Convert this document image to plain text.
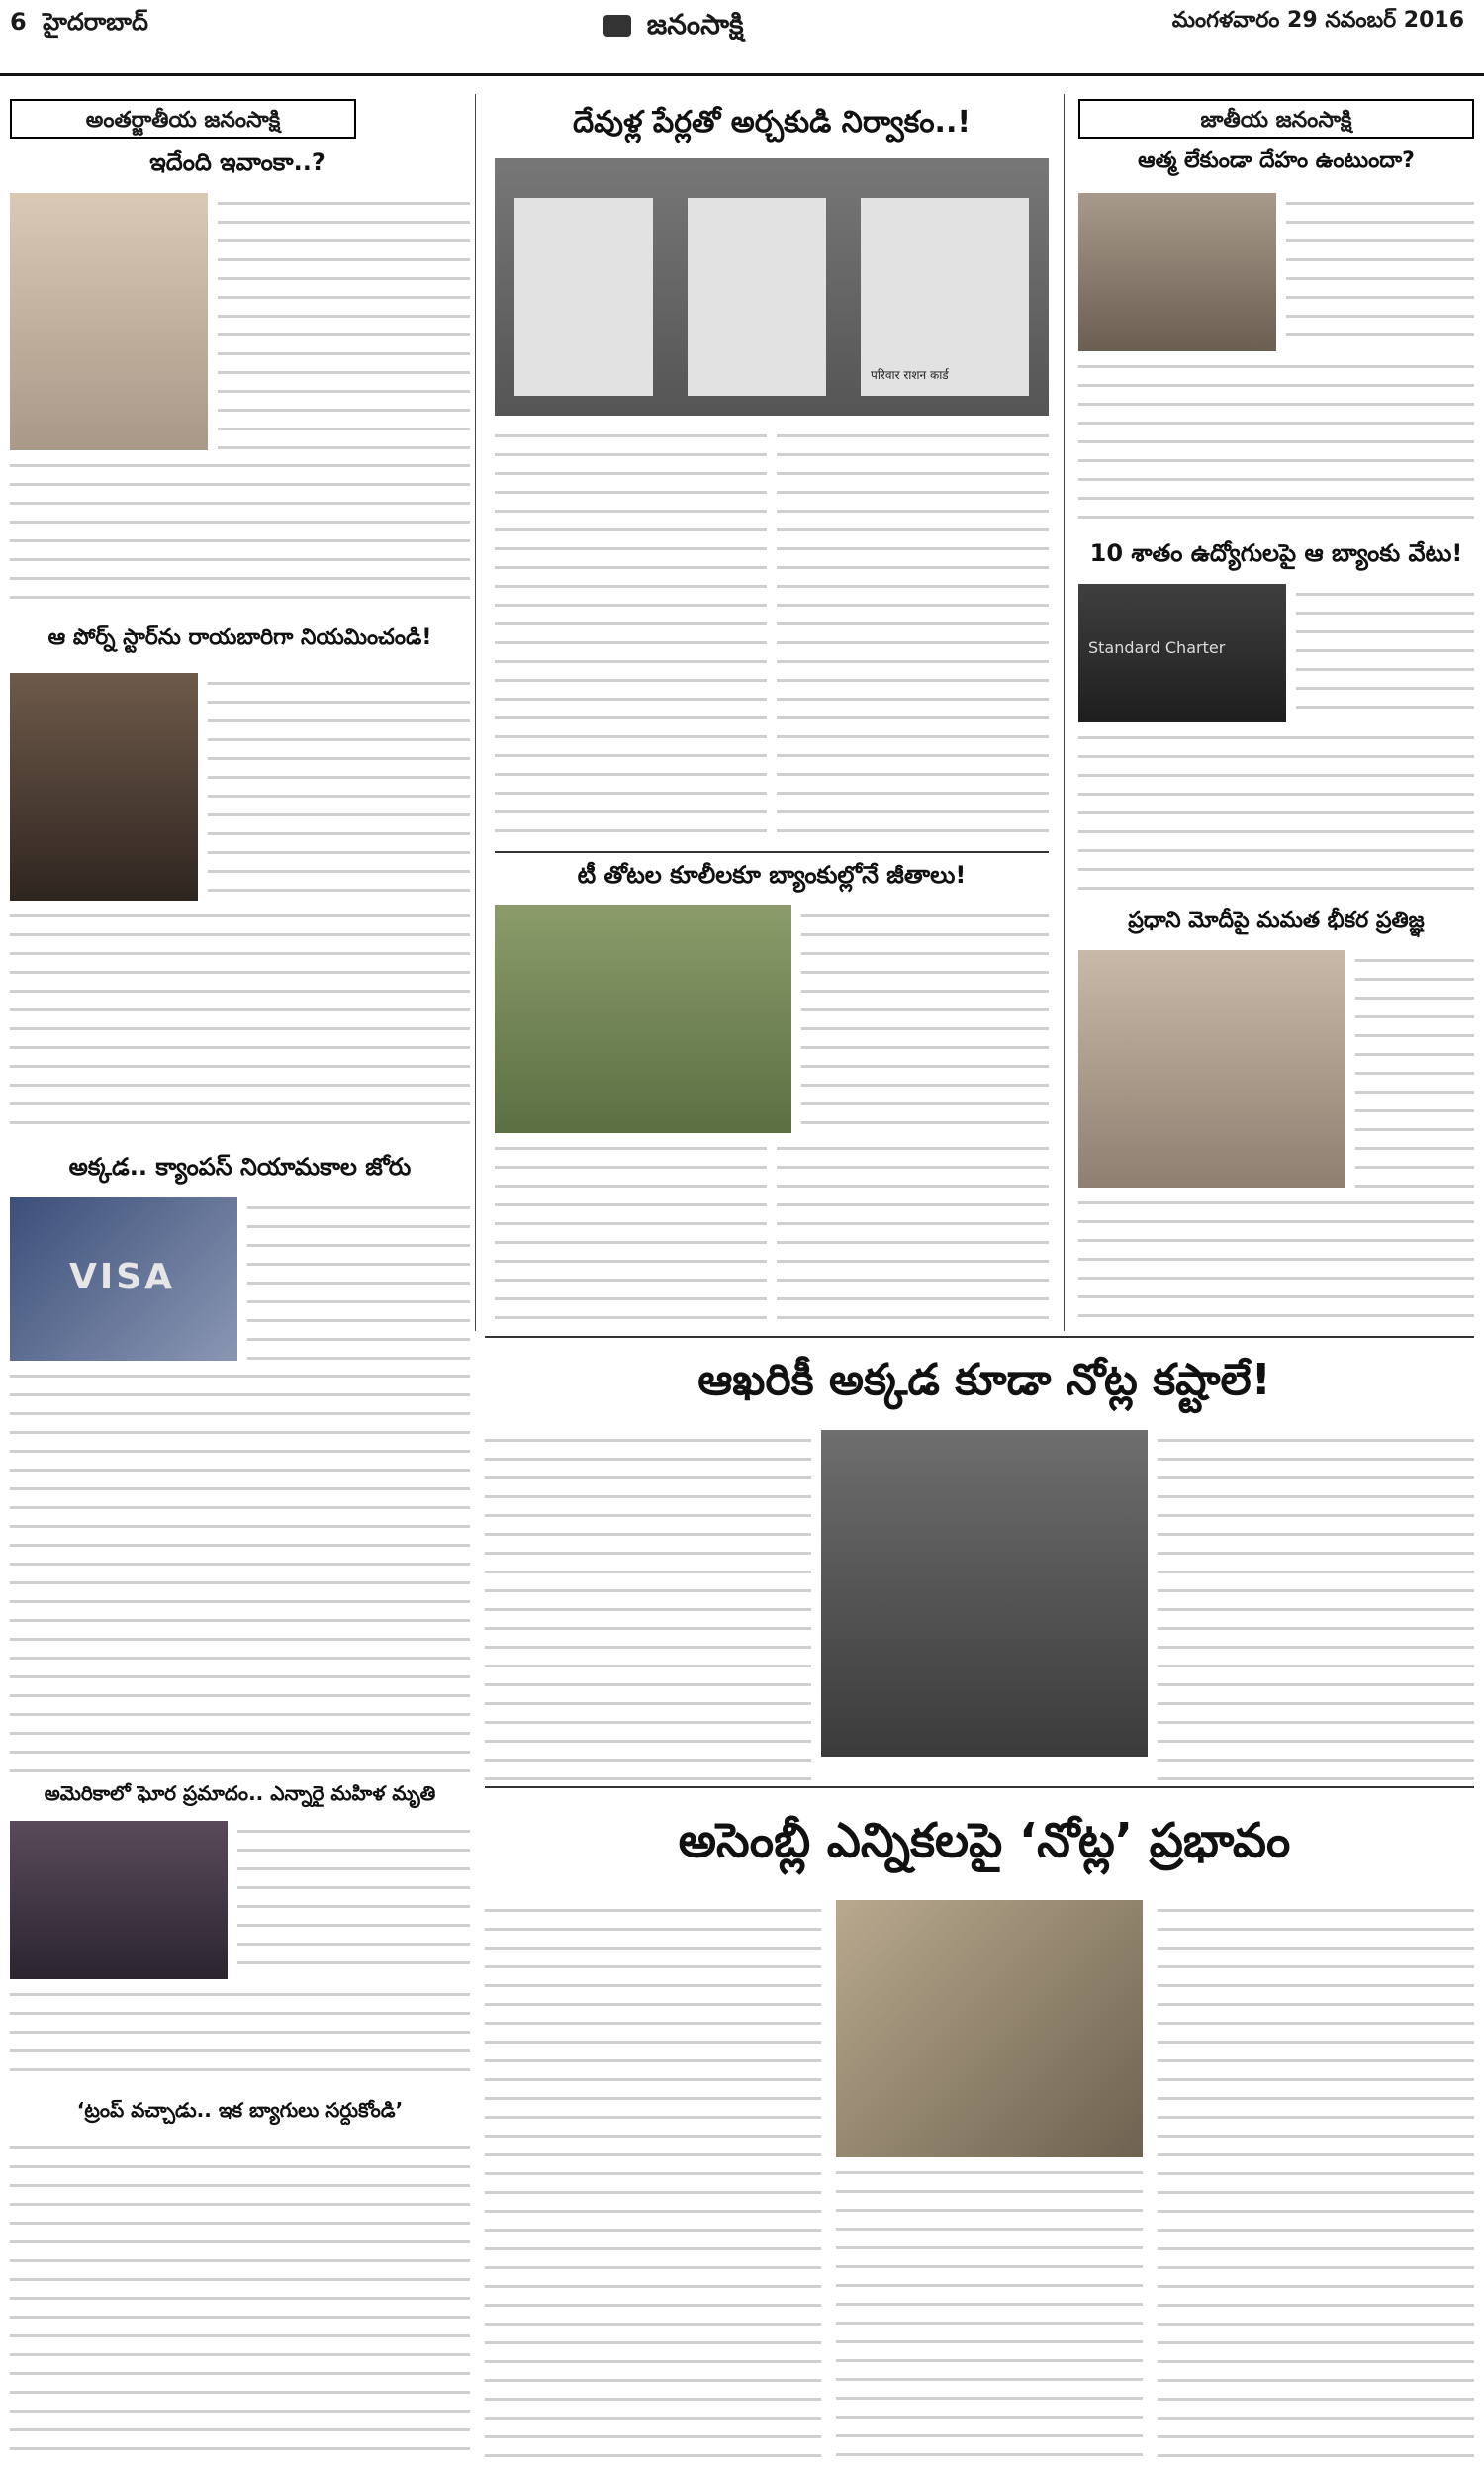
6 హైదరాబాద్	జనంసాక్షి	మంగళవారం 29 నవంబర్ 2016
అంతర్జాతీయ జనంసాక్షి	జాతీయ జనంసాక్షి
దేవుళ్ల పేర్లతో అర్చకుడి నిర్వాకం..!
ఇదేంది ఇవాంకా..?
ఆ పోర్న్ స్టార్‌ను రాయబారిగా నియమించండి!
అక్కడ.. క్యాంపస్ నియామకాల జోరు
VISA
అమెరికాలో ఘోర ప్రమాదం.. ఎన్నారై మహిళ మృతి
‘ట్రంప్ వచ్చాడు.. ఇక బ్యాగులు సర్దుకోండి’
परिवार राशन कार्ड
టీ తోటల కూలీలకూ బ్యాంకుల్లోనే జీతాలు!
ఆత్మ లేకుండా దేహం ఉంటుందా?
10 శాతం ఉద్యోగులపై ఆ బ్యాంకు వేటు!
Standard Charter
ప్రధాని మోదీపై మమత భీకర ప్రతిజ్ఞ
ఆఖరికీ అక్కడ కూడా నోట్ల కష్టాలే!
అసెంబ్లీ ఎన్నికలపై ‘నోట్ల’ ప్రభావం
